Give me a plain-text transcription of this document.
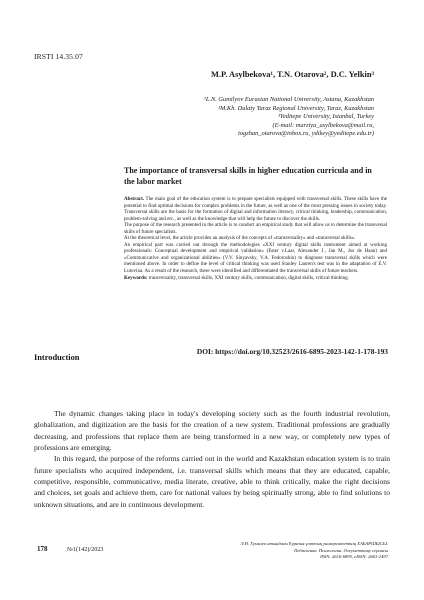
IRSTI 14.35.07
M.P. Asylbekova¹, T.N. Otarova², D.C. Yelkin³
¹L.N. Gumilyov Eurasian National University, Astana, Kazakhstan
²M.Kh. Dulaty Taraz Regional University, Taraz, Kazakhstan
³Yeditepe University, Istanbul, Turkey
(E-mail: marziya_asylbekova@mail.ru,
togzhan_otarova@inbox.ru, ydikey@yeditepe.edu.tr)
The importance of transversal skills in higher education curricula and in the labor market

Abstract. The main goal of the education system is to prepare specialists equipped with transversal skills. These skills have the potential to find optimal decisions for complex problems in the future, as well as one of the most pressing issues in society today. Transversal skills are the basis for the formation of digital and information literacy, critical thinking, leadership, communication, problem-solving and etc., as well as the knowledge that will help the future to discover the skills.

The purpose of the research presented in the article is to conduct an empirical study that will allow us to determine the transversal skills of future specialists.

At the theoretical level, the article provides an analysis of the concepts of «transversality» and «transversal skills».

An empirical part was carried out through the methodologies «XXI century digital skills instrument aimed at working professionals: Conceptual development and empirical validation» (Ester v.Laar, Alexander J., Jan M., Jos de Haan) and «Communicative and organizational abilities» (V.V. Sinyavsky, V.A. Fedoroshin) to diagnose transversal skills which were mentioned above. In order to define the level of critical thinking was used Stanley Lauren's test was in the adaptation of E.V. Lutovina. As a result of the research, there were identified and differentiated the transversal skills of future teachers.

Keywords: transversality, transversal skills, XXI century skills, communication, digital skills, critical thinking.

DOI: https://doi.org/10.32523/2616-6895-2023-142-1-178-193
Introduction

The dynamic changes taking place in today's developing society such as the fourth industrial revolution, globalization, and digitization are the basis for the creation of a new system. Traditional professions are gradually decreasing, and professions that replace them are being transformed in a new way, or completely new types of professions are emerging.

In this regard, the purpose of the reforms carried out in the world and Kazakhstan education system is to train future specialists who acquired independent, i.e. transversal skills which means that they are educated, capable, competitive, responsible, communicative, media literate, creative, able to think critically, make the right decisions and choices, set goals and achieve them, care for national values by being spiritually strong, able to find solutions to unknown situations, and are in continuous development.

178	№1(142)/2023
Л.Н. Гумилев атындағы Еуразия ұлттық университетінің ХАБАРШЫСЫ.
Педагогика. Психология. Әлеуметтану сериясы
ISSN: 2616-6895, eISSN: 2663-2497
